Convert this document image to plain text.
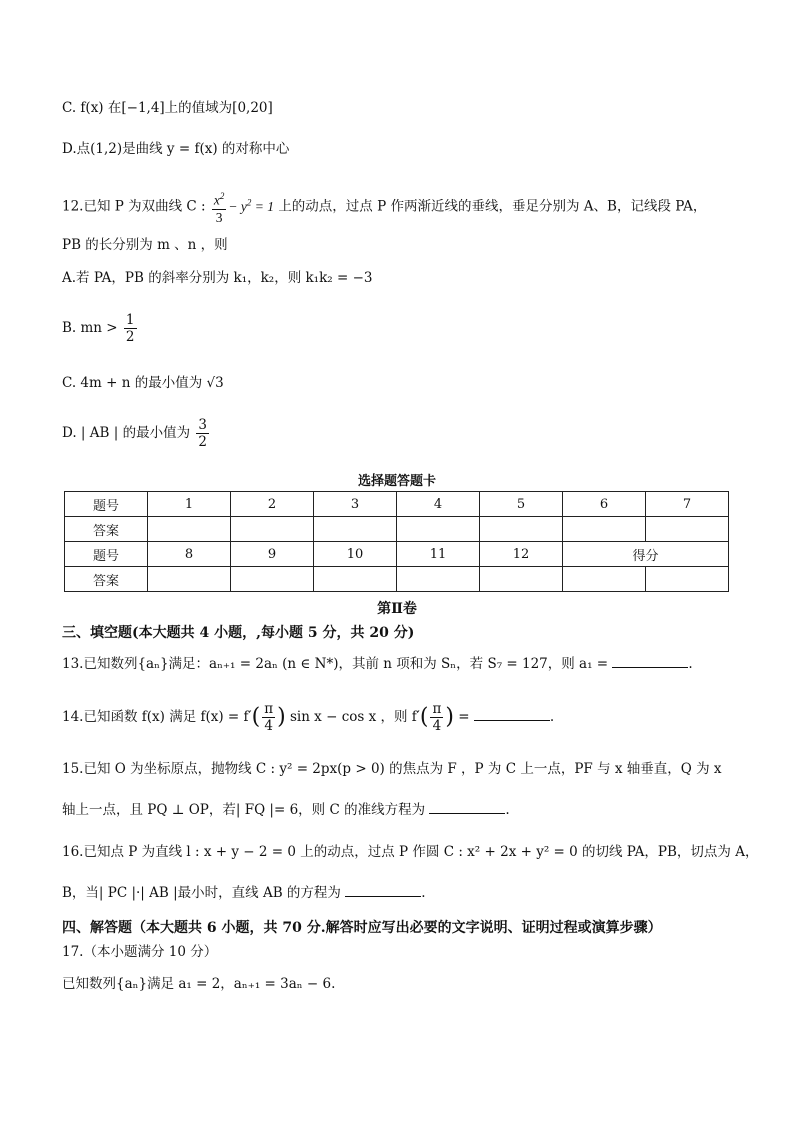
C. f(x) 在[−1,4]上的值域为[0,20]
D.点(1,2)是曲线 y = f(x) 的对称中心
12.已知 P 为双曲线 C : $\frac{x^2}{3} - y^2 = 1$ 上的动点，过点 P 作两渐近线的垂线，垂足分别为 A、B，记线段 PA，
PB 的长分别为 m 、n ，则
A.若 PA，PB 的斜率分别为 k₁，k₂，则 k₁k₂ = −3
B. mn > $\frac{1}{2}$
C. 4m + n 的最小值为 √3
D. | AB | 的最小值为 $\frac{3}{2}$
选择题答题卡
题号	1	2	3	4	5	6	7
答案							
题号	8	9	10	11	12	得分	
答案							
第Ⅱ卷
三、填空题(本大题共 4 小题，,每小题 5 分，共 20 分)
13.已知数列{aₙ}满足：aₙ₊₁ = 2aₙ (n ∈ N*)，其前 n 项和为 Sₙ，若 S₇ = 127，则 a₁ =	.
14.已知函数 f(x) 满足 $f(x) = f'( \frac{\pi}{4}$ ) sin x − cos x ，则 $f'( \frac{\pi}{4}$ ) =	.
15.已知 O 为坐标原点，抛物线 C : y² = 2px(p > 0) 的焦点为 F ，P 为 C 上一点，PF 与 x 轴垂直，Q 为 x
轴上一点，且 PQ ⊥ OP，若| FQ |= 6，则 C 的准线方程为	.
16.已知点 P 为直线 l : x + y − 2 = 0 上的动点，过点 P 作圆 C : x² + 2x + y² = 0 的切线 PA，PB，切点为 A，
B，当| PC |·| AB |最小时，直线 AB 的方程为	.
四、解答题（本大题共 6 小题，共 70 分.解答时应写出必要的文字说明、证明过程或演算步骤）
17.（本小题满分 10 分）
已知数列{aₙ}满足 a₁ = 2，aₙ₊₁ = 3aₙ − 6.
